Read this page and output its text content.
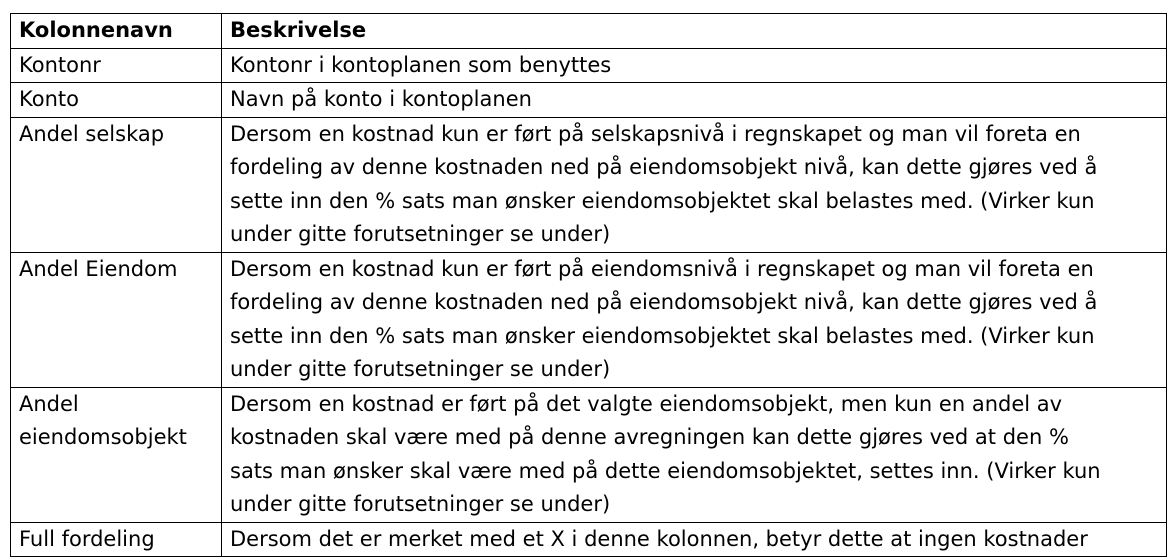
Kolonnenavn	Beskrivelse

Kontonr	Kontonr i kontoplanen som benyttes

Konto	Navn på konto i kontoplanen

Andel selskap	Dersom en kostnad kun er ført på selskapsnivå i regnskapet og man vil foreta en
fordeling av denne kostnaden ned på eiendomsobjekt nivå, kan dette gjøres ved å
sette inn den % sats man ønsker eiendomsobjektet skal belastes med. (Virker kun
under gitte forutsetninger se under)

Andel Eiendom	Dersom en kostnad kun er ført på eiendomsnivå i regnskapet og man vil foreta en
fordeling av denne kostnaden ned på eiendomsobjekt nivå, kan dette gjøres ved å
sette inn den % sats man ønsker eiendomsobjektet skal belastes med. (Virker kun
under gitte forutsetninger se under)

Andel
eiendomsobjekt	Dersom en kostnad er ført på det valgte eiendomsobjekt, men kun en andel av
kostnaden skal være med på denne avregningen kan dette gjøres ved at den %
sats man ønsker skal være med på dette eiendomsobjektet, settes inn. (Virker kun
under gitte forutsetninger se under)

Full fordeling	Dersom det er merket med et X i denne kolonnen, betyr dette at ingen kostnader
